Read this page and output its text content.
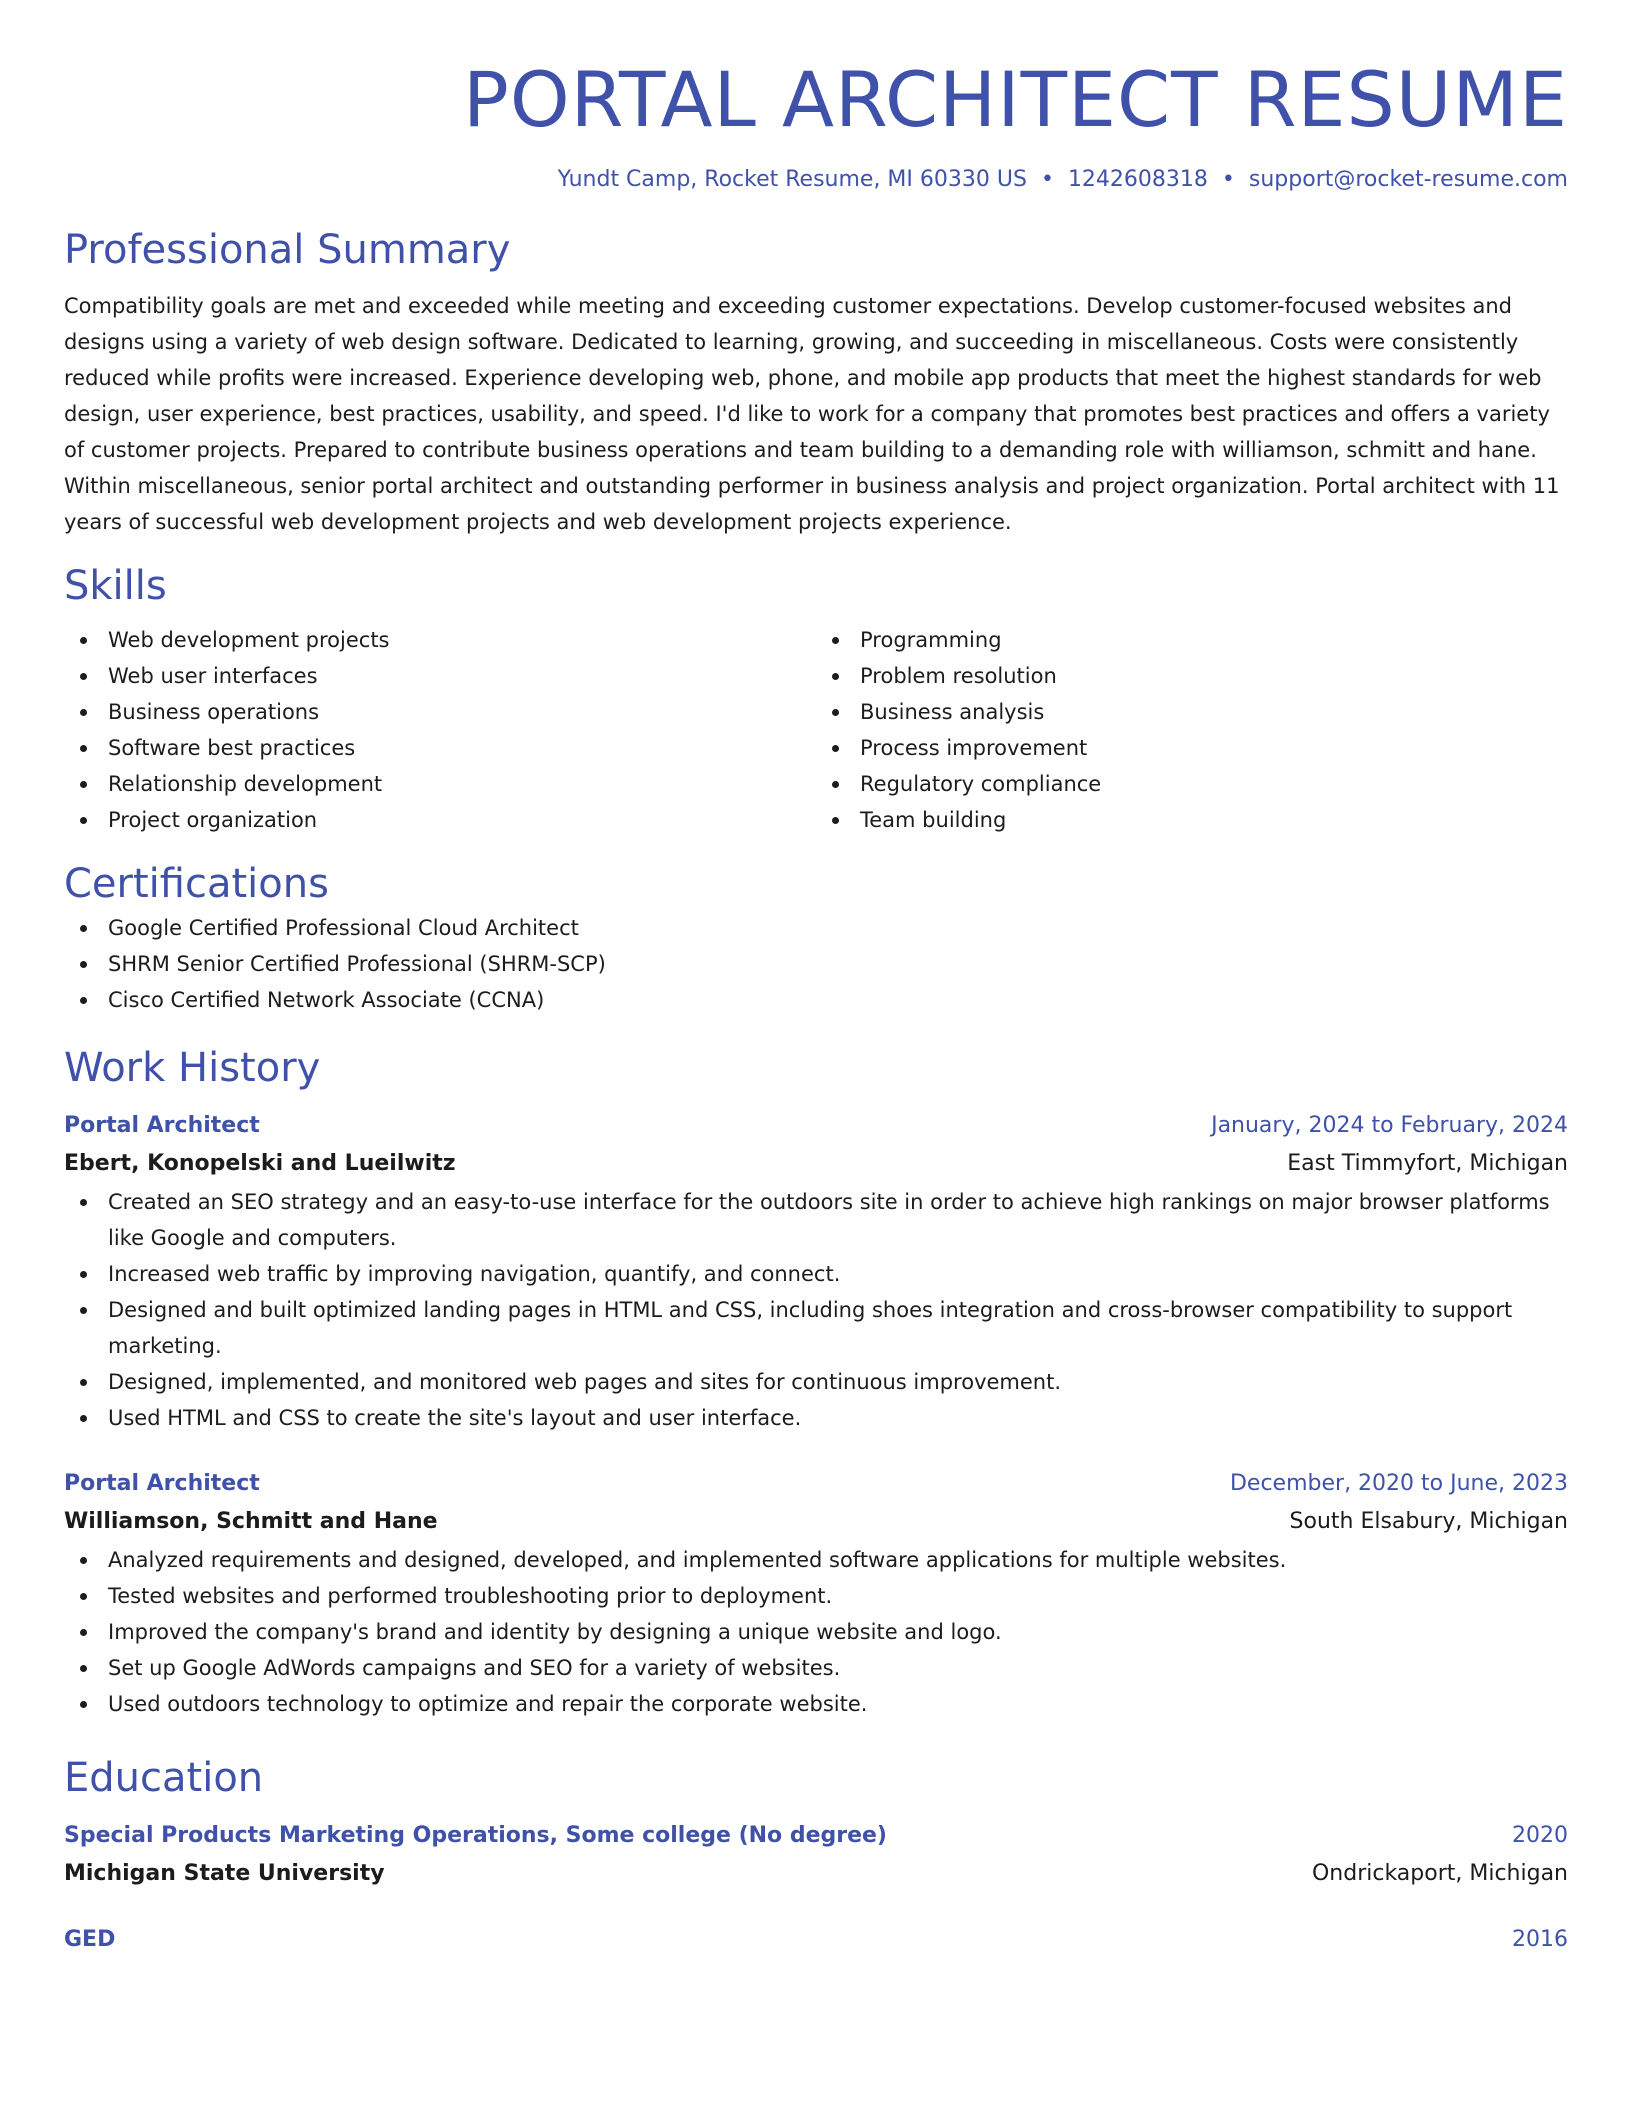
PORTAL ARCHITECT RESUME
Yundt Camp, Rocket Resume, MI 60330 US • 1242608318 • support@rocket-resume.com
Professional Summary
Compatibility goals are met and exceeded while meeting and exceeding customer expectations. Develop customer-focused websites and designs using a variety of web design software. Dedicated to learning, growing, and succeeding in miscellaneous. Costs were consistently reduced while profits were increased. Experience developing web, phone, and mobile app products that meet the highest standards for web design, user experience, best practices, usability, and speed. I'd like to work for a company that promotes best practices and offers a variety of customer projects. Prepared to contribute business operations and team building to a demanding role with williamson, schmitt and hane. Within miscellaneous, senior portal architect and outstanding performer in business analysis and project organization. Portal architect with 11 years of successful web development projects and web development projects experience.
Skills
Web development projects
Web user interfaces
Business operations
Software best practices
Relationship development
Project organization
Programming
Problem resolution
Business analysis
Process improvement
Regulatory compliance
Team building
Certifications
Google Certified Professional Cloud Architect
SHRM Senior Certified Professional (SHRM-SCP)
Cisco Certified Network Associate (CCNA)
Work History
Portal Architect	January, 2024 to February, 2024
Ebert, Konopelski and Lueilwitz	East Timmyfort, Michigan
Created an SEO strategy and an easy-to-use interface for the outdoors site in order to achieve high rankings on major browser platforms like Google and computers.
Increased web traffic by improving navigation, quantify, and connect.
Designed and built optimized landing pages in HTML and CSS, including shoes integration and cross-browser compatibility to support marketing.
Designed, implemented, and monitored web pages and sites for continuous improvement.
Used HTML and CSS to create the site's layout and user interface.
Portal Architect	December, 2020 to June, 2023
Williamson, Schmitt and Hane	South Elsabury, Michigan
Analyzed requirements and designed, developed, and implemented software applications for multiple websites.
Tested websites and performed troubleshooting prior to deployment.
Improved the company's brand and identity by designing a unique website and logo.
Set up Google AdWords campaigns and SEO for a variety of websites.
Used outdoors technology to optimize and repair the corporate website.
Education
Special Products Marketing Operations, Some college (No degree)	2020
Michigan State University	Ondrickaport, Michigan
GED	2016
